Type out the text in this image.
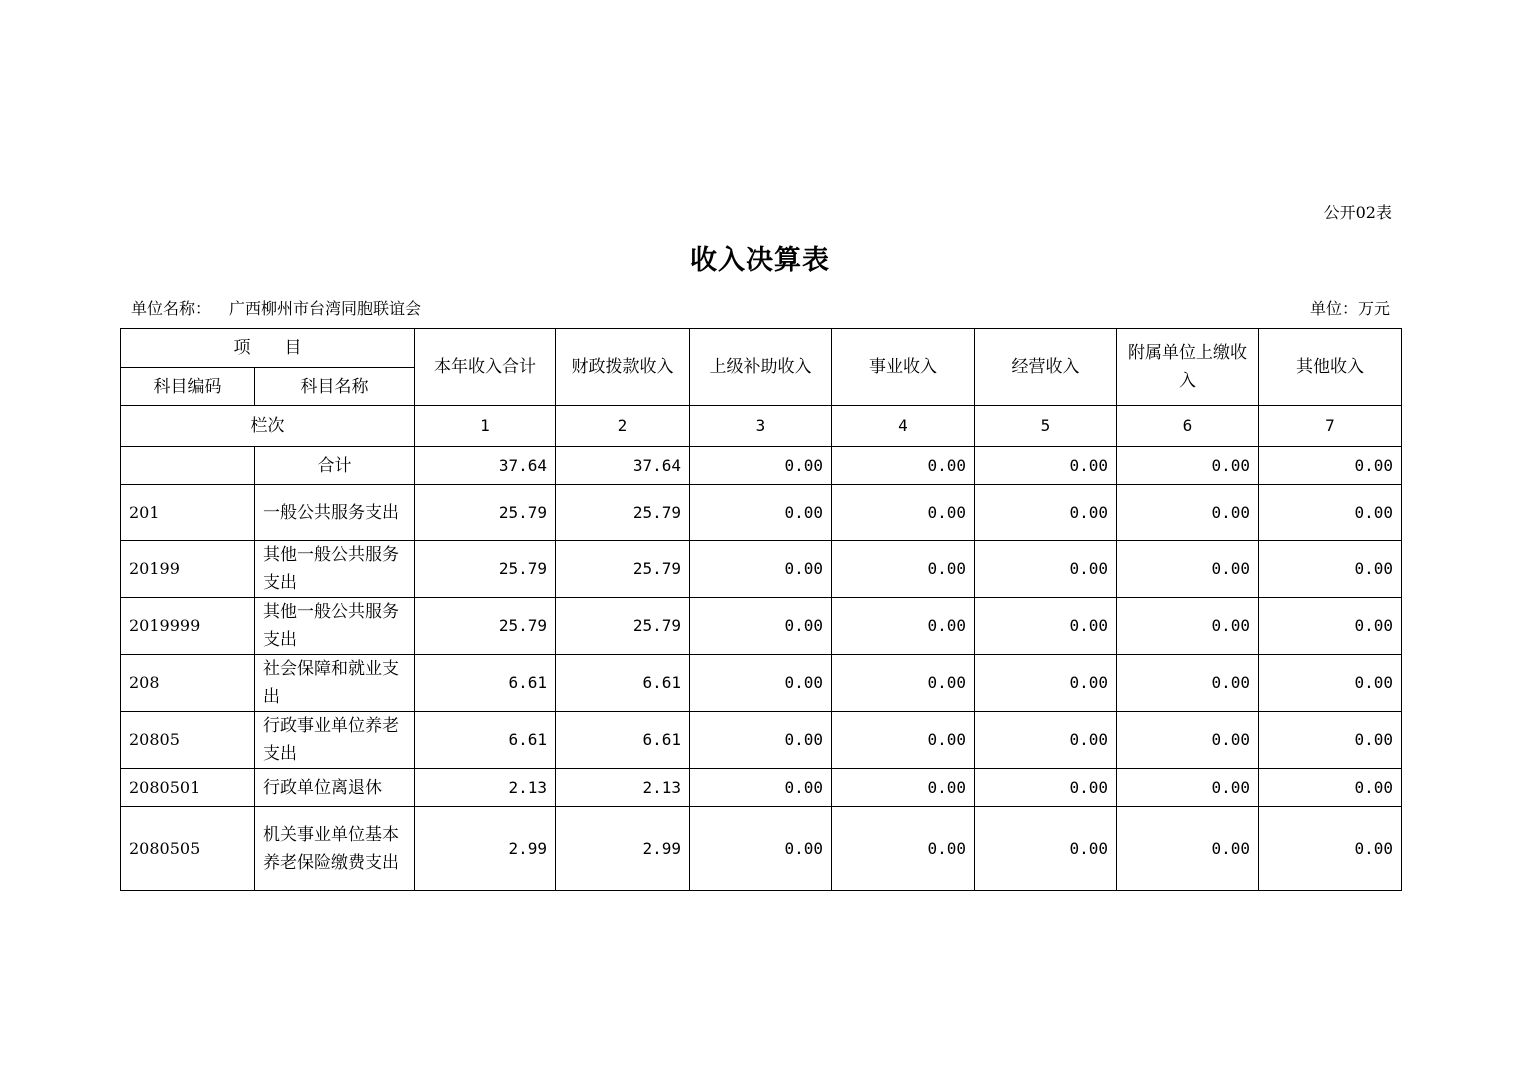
公开02表
收入决算表
单位名称： 广西柳州市台湾同胞联谊会	单位：万元
项　　目		本年收入合计	财政拨款收入	上级补助收入	事业收入	经营收入	附属单位上缴收入	其他收入
科目编码	科目名称							
栏次		1	2	3	4	5	6	7
	合计	37.64	37.64	0.00	0.00	0.00	0.00	0.00
201	一般公共服务支出	25.79	25.79	0.00	0.00	0.00	0.00	0.00
20199	其他一般公共服务支出	25.79	25.79	0.00	0.00	0.00	0.00	0.00
2019999	其他一般公共服务支出	25.79	25.79	0.00	0.00	0.00	0.00	0.00
208	社会保障和就业支出	6.61	6.61	0.00	0.00	0.00	0.00	0.00
20805	行政事业单位养老支出	6.61	6.61	0.00	0.00	0.00	0.00	0.00
2080501	行政单位离退休	2.13	2.13	0.00	0.00	0.00	0.00	0.00
2080505	机关事业单位基本养老保险缴费支出	2.99	2.99	0.00	0.00	0.00	0.00	0.00
